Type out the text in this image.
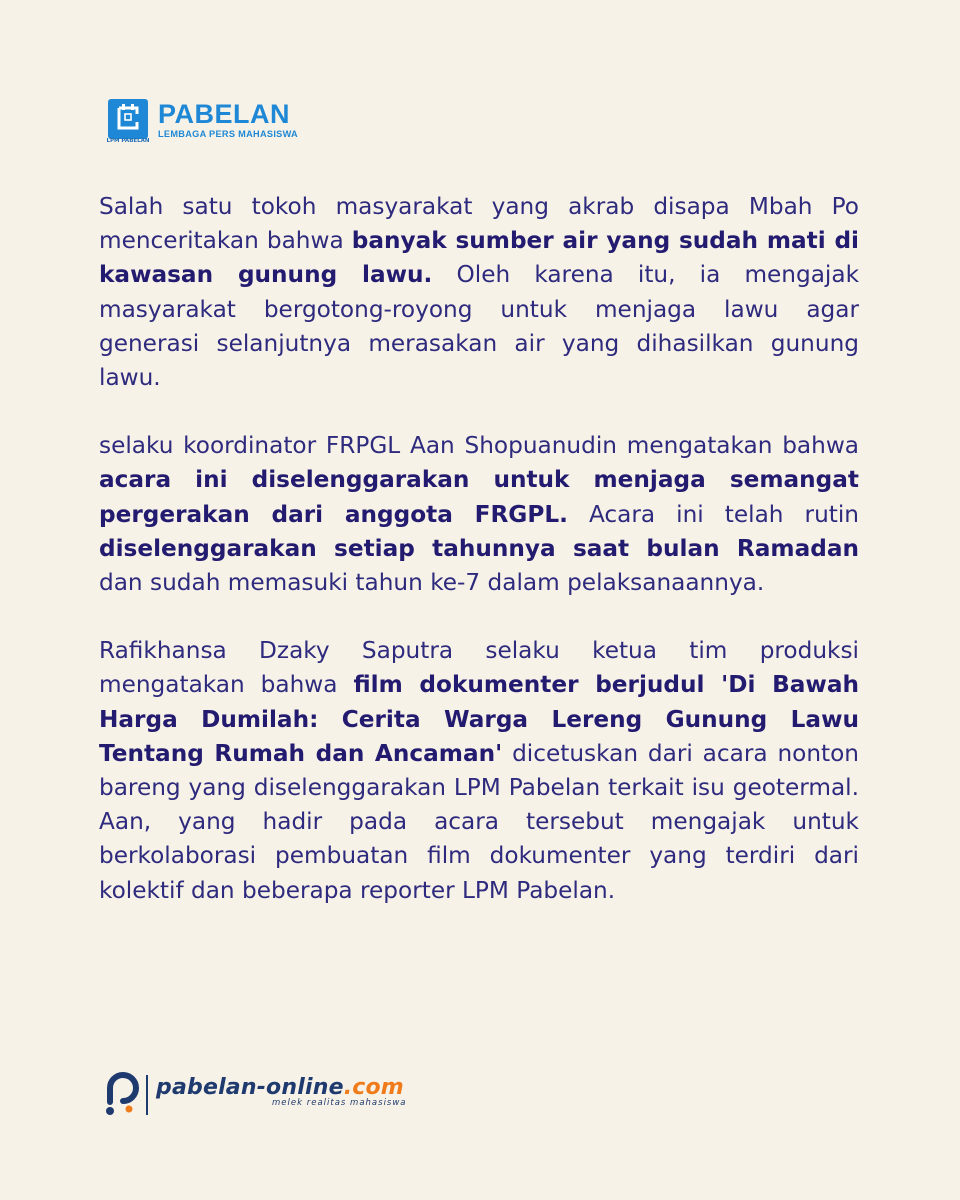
LPM PABELAN
PABELAN
LEMBAGA PERS MAHASISWA

Salah satu tokoh masyarakat yang akrab disapa Mbah Po menceritakan bahwa banyak sumber air yang sudah mati di kawasan gunung lawu. Oleh karena itu, ia mengajak masyarakat bergotong-royong untuk menjaga lawu agar generasi selanjutnya merasakan air yang dihasilkan gunung lawu.

selaku koordinator FRPGL Aan Shopuanudin mengatakan bahwa acara ini diselenggarakan untuk menjaga semangat pergerakan dari anggota FRGPL. Acara ini telah rutin diselenggarakan setiap tahunnya saat bulan Ramadan dan sudah memasuki tahun ke-7 dalam pelaksanaannya.

Rafikhansa Dzaky Saputra selaku ketua tim produksi mengatakan bahwa film dokumenter berjudul 'Di Bawah Harga Dumilah: Cerita Warga Lereng Gunung Lawu Tentang Rumah dan Ancaman' dicetuskan dari acara nonton bareng yang diselenggarakan LPM Pabelan terkait isu geotermal. Aan, yang hadir pada acara tersebut mengajak untuk berkolaborasi pembuatan film dokumenter yang terdiri dari kolektif dan beberapa reporter LPM Pabelan.

pabelan-online.com
melek realitas mahasiswa
